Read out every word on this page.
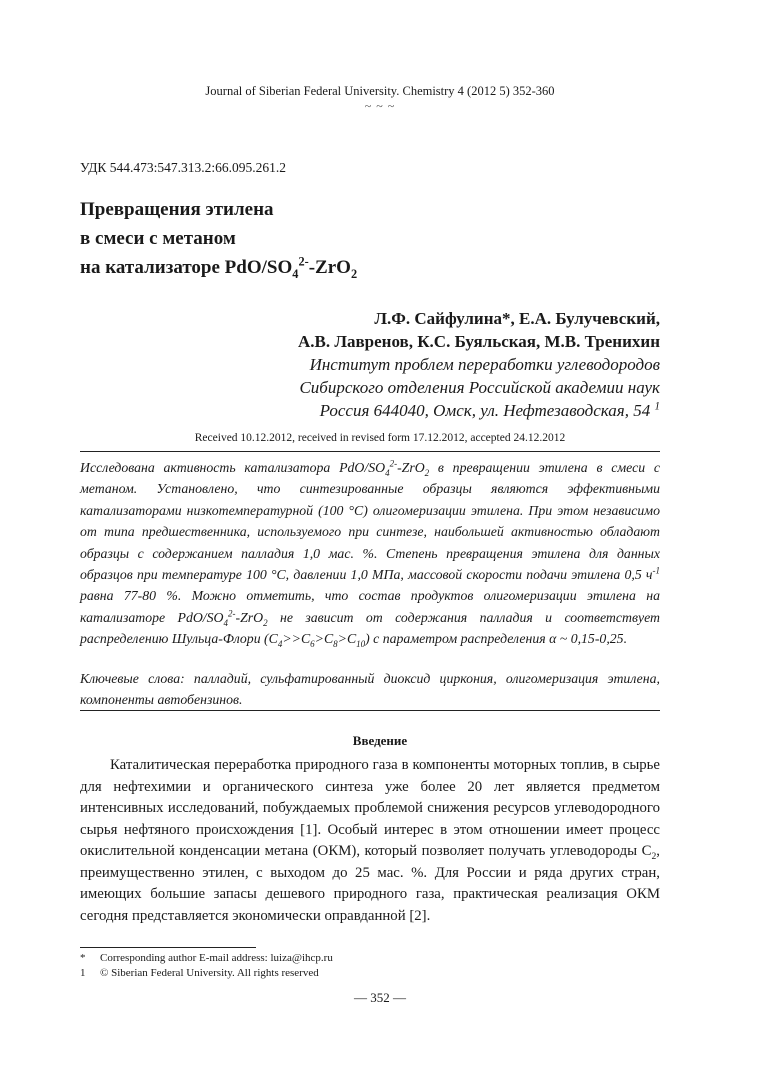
Journal of Siberian Federal University. Chemistry 4 (2012 5) 352-360
~ ~ ~
УДК 544.473:547.313.2:66.095.261.2
Превращения этилена
в смеси с метаном
на катализаторе PdO/$SO_4^{2-}-ZrO_2$
Л.Ф. Сайфулина*, Е.А. Булучевский,
А.В. Лавренов, К.С. Буяльская, М.В. Тренихин
Институт проблем переработки углеводородов
Сибирского отделения Российской академии наук
Россия 644040, Омск, ул. Нефтезаводская, 54 $^1$
Received 10.12.2012, received in revised form 17.12.2012, accepted 24.12.2012

Исследована активность катализатора PdO/$SO_4^{2-}-ZrO_2$ в превращении этилена в смеси с метаном. Установлено, что синтезированные образцы являются эффективными катализаторами низкотемпературной (100 °С) олигомеризации этилена. При этом независимо от типа предшественника, используемого при синтезе, наибольшей активностью обладают образцы с содержанием палладия 1,0 мас. %. Степень превращения этилена для данных образцов при температуре 100 °С, давлении 1,0 МПа, массовой скорости подачи этилена 0,5 $ч^{-1}$ равна 77-80 %. Можно отметить, что состав продуктов олигомеризации этилена на катализаторе PdO/$SO_4^{2-}-ZrO_2$ не зависит от содержания палладия и соответствует распределению Шульца-Флори $(С_4>>С_6>С_8>С_{10})$ с параметром распределения α ~ 0,15-0,25.

Ключевые слова: палладий, сульфатированный диоксид циркония, олигомеризация этилена, компоненты автобензинов.
Введение

Каталитическая переработка природного газа в компоненты моторных топлив, в сырье для нефтехимии и органического синтеза уже более 20 лет является предметом интенсивных исследований, побуждаемых проблемой снижения ресурсов углеводородного сырья нефтяного происхождения [1]. Особый интерес в этом отношении имеет процесс окислительной конденсации метана (ОКМ), который позволяет получать углеводороды $С_2$, преимущественно этилен, с выходом до 25 мас. %. Для России и ряда других стран, имеющих большие запасы дешевого природного газа, практическая реализация ОКМ сегодня представляется экономически оправданной [2].

*	Corresponding author E-mail address: luiza@ihcp.ru
1	© Siberian Federal University. All rights reserved
— 352 —
